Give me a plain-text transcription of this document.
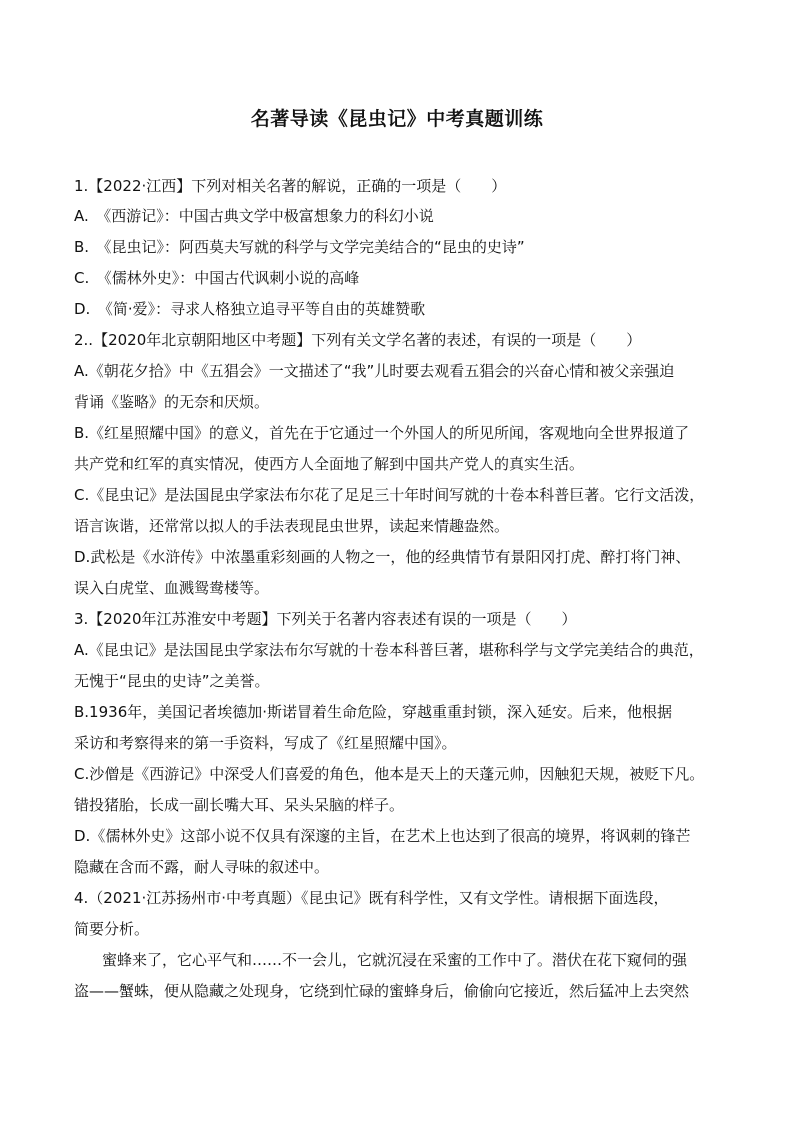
名著导读《昆虫记》中考真题训练
1.【2022·江西】下列对相关名著的解说，正确的一项是（　　）
A.　《西游记》：中国古典文学中极富想象力的科幻小说
B.　《昆虫记》：阿西莫夫写就的科学与文学完美结合的“昆虫的史诗”
C.　《儒林外史》：中国古代讽刺小说的高峰
D.　《简·爱》：寻求人格独立追寻平等自由的英雄赞歌
2..【2020年北京朝阳地区中考题】下列有关文学名著的表述，有误的一项是（　　）
A.《朝花夕拾》中《五猖会》一文描述了“我”儿时要去观看五猖会的兴奋心情和被父亲强迫
背诵《鉴略》的无奈和厌烦。
B.《红星照耀中国》的意义，首先在于它通过一个外国人的所见所闻，客观地向全世界报道了
共产党和红军的真实情况，使西方人全面地了解到中国共产党人的真实生活。
C.《昆虫记》是法国昆虫学家法布尔花了足足三十年时间写就的十卷本科普巨著。它行文活泼，
语言诙谐，还常常以拟人的手法表现昆虫世界，读起来情趣盎然。
D.武松是《水浒传》中浓墨重彩刻画的人物之一，他的经典情节有景阳冈打虎、醉打将门神、
误入白虎堂、血溅鸳鸯楼等。
3.【2020年江苏淮安中考题】下列关于名著内容表述有误的一项是（　　）
A.《昆虫记》是法国昆虫学家法布尔写就的十卷本科普巨著，堪称科学与文学完美结合的典范，
无愧于“昆虫的史诗”之美誉。
B.1936年，美国记者埃德加·斯诺冒着生命危险，穿越重重封锁，深入延安。后来，他根据
采访和考察得来的第一手资料，写成了《红星照耀中国》。
C.沙僧是《西游记》中深受人们喜爱的角色，他本是天上的天蓬元帅，因触犯天规，被贬下凡。
错投猪胎，长成一副长嘴大耳、呆头呆脑的样子。
D.《儒林外史》这部小说不仅具有深邃的主旨，在艺术上也达到了很高的境界，将讽刺的锋芒
隐藏在含而不露，耐人寻味的叙述中。
4.（2021·江苏扬州市·中考真题）《昆虫记》既有科学性，又有文学性。请根据下面选段，
简要分析。
蜜蜂来了，它心平气和……不一会儿，它就沉浸在采蜜的工作中了。潜伏在花下窥伺的强
盗——蟹蛛，便从隐藏之处现身，它绕到忙碌的蜜蜂身后，偷偷向它接近，然后猛冲上去突然
